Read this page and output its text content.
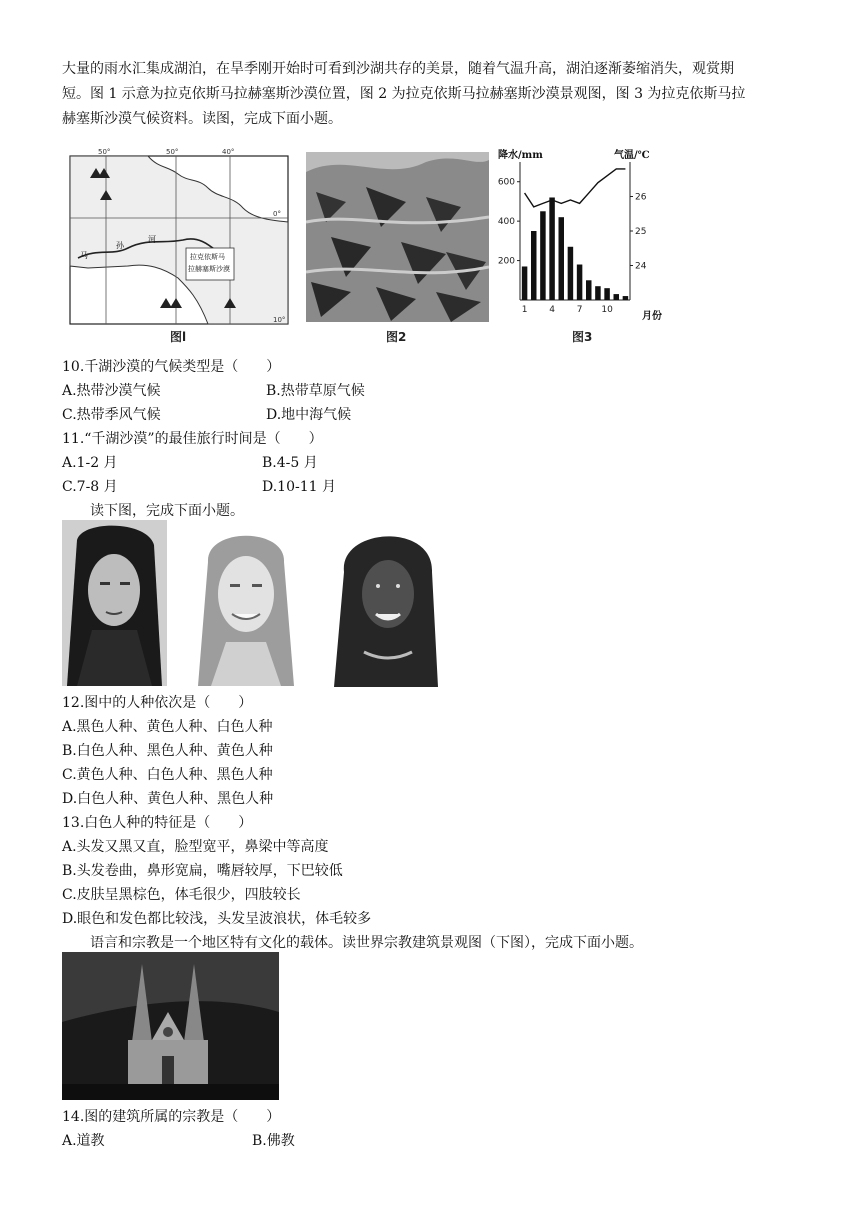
大量的雨水汇集成湖泊，在旱季刚开始时可看到沙湖共存的美景，随着气温升高，湖泊逐渐萎缩消失，观赏期
短。图 1 示意为拉克依斯马拉赫塞斯沙漠位置，图 2 为拉克依斯马拉赫塞斯沙漠景观图，图 3 为拉克依斯马拉
赫塞斯沙漠气候资料。读图，完成下面小题。
50°	50°	40°
0°
10°
马
孙
河
拉克依斯马
拉赫塞斯沙漠
图l	图2
200
400
600
24
25
26
1 4 7 10
降水/mm	气温/℃
月份
图3
10.千湖沙漠的气候类型是（　　）
A.热带沙漠气候	B.热带草原气候
C.热带季风气候	D.地中海气候
11.“千湖沙漠”的最佳旅行时间是（　　）
A.1-2 月	B.4-5 月
C.7-8 月	D.10-11 月
读下图，完成下面小题。
12.图中的人种依次是（　　）
A.黑色人种、黄色人种、白色人种
B.白色人种、黑色人种、黄色人种
C.黄色人种、白色人种、黑色人种
D.白色人种、黄色人种、黑色人种
13.白色人种的特征是（　　）
A.头发又黑又直，脸型宽平，鼻梁中等高度
B.头发卷曲，鼻形宽扁，嘴唇较厚，下巴较低
C.皮肤呈黑棕色，体毛很少，四肢较长
D.眼色和发色都比较浅，头发呈波浪状，体毛较多
语言和宗教是一个地区特有文化的载体。读世界宗教建筑景观图（下图），完成下面小题。
14.图的建筑所属的宗教是（　　）
A.道教	B.佛教
